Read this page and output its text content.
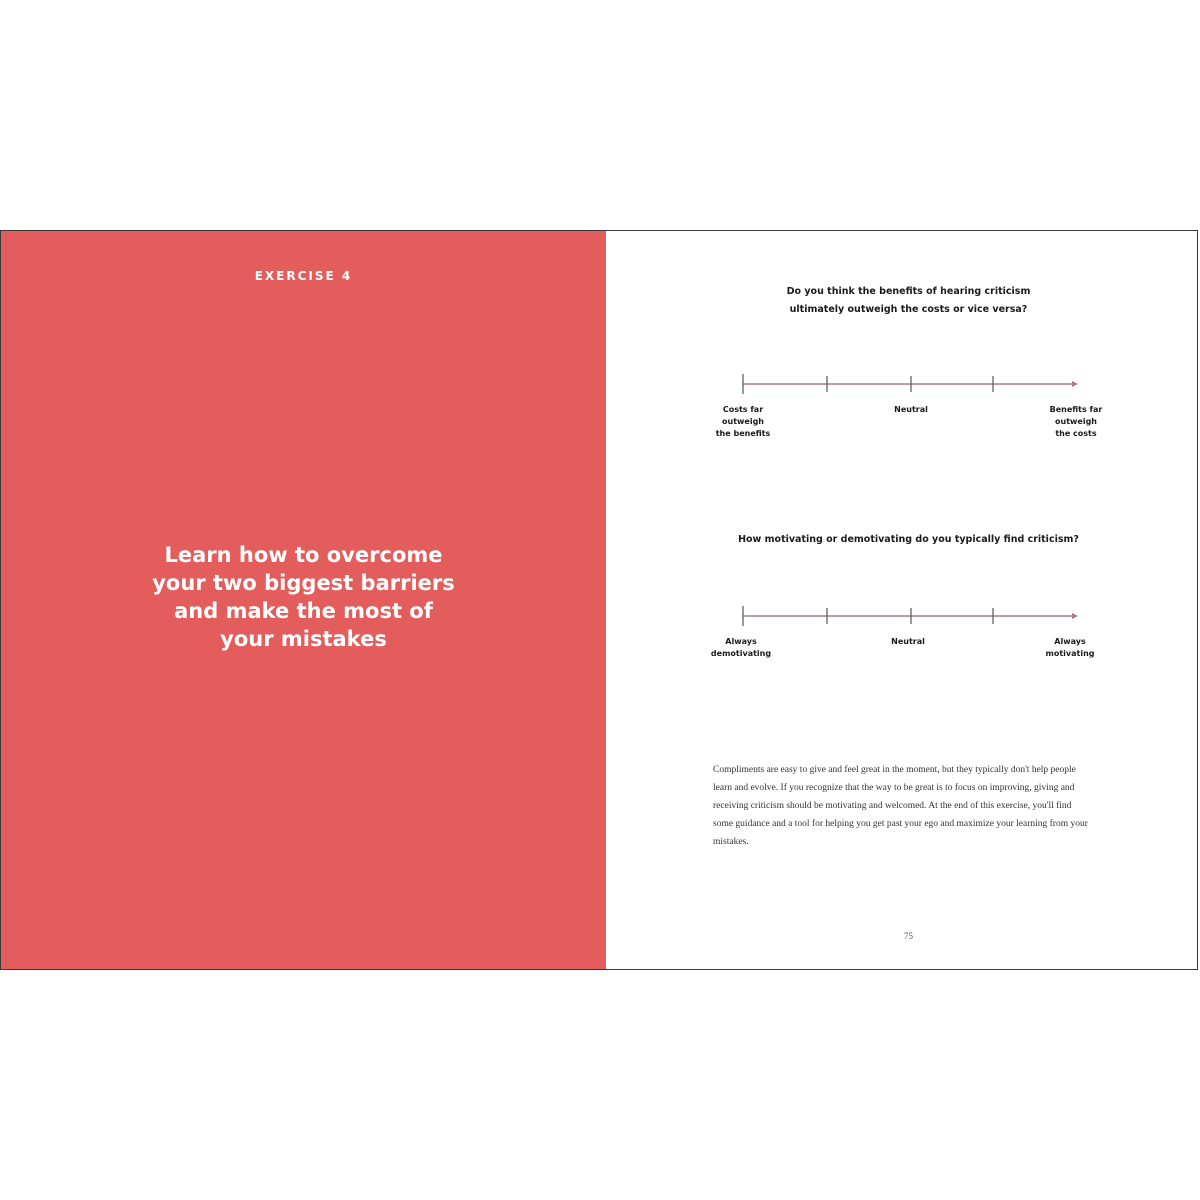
EXERCISE 4
Learn how to overcome
your two biggest barriers
and make the most of
your mistakes
Do you think the benefits of hearing criticism
ultimately outweigh the costs or vice versa?
Costs far
outweigh
the benefits
Neutral	Benefits far
outweigh
the costs
How motivating or demotivating do you typically find criticism?
Always
demotivating
Neutral	Always
motivating
Compliments are easy to give and feel great in the moment, but they typically don't help people learn and evolve. If you recognize that the way to be great is to focus on improving, giving and receiving criticism should be motivating and welcomed. At the end of this exercise, you'll find some guidance and a tool for helping you get past your ego and maximize your learning from your mistakes.
75
